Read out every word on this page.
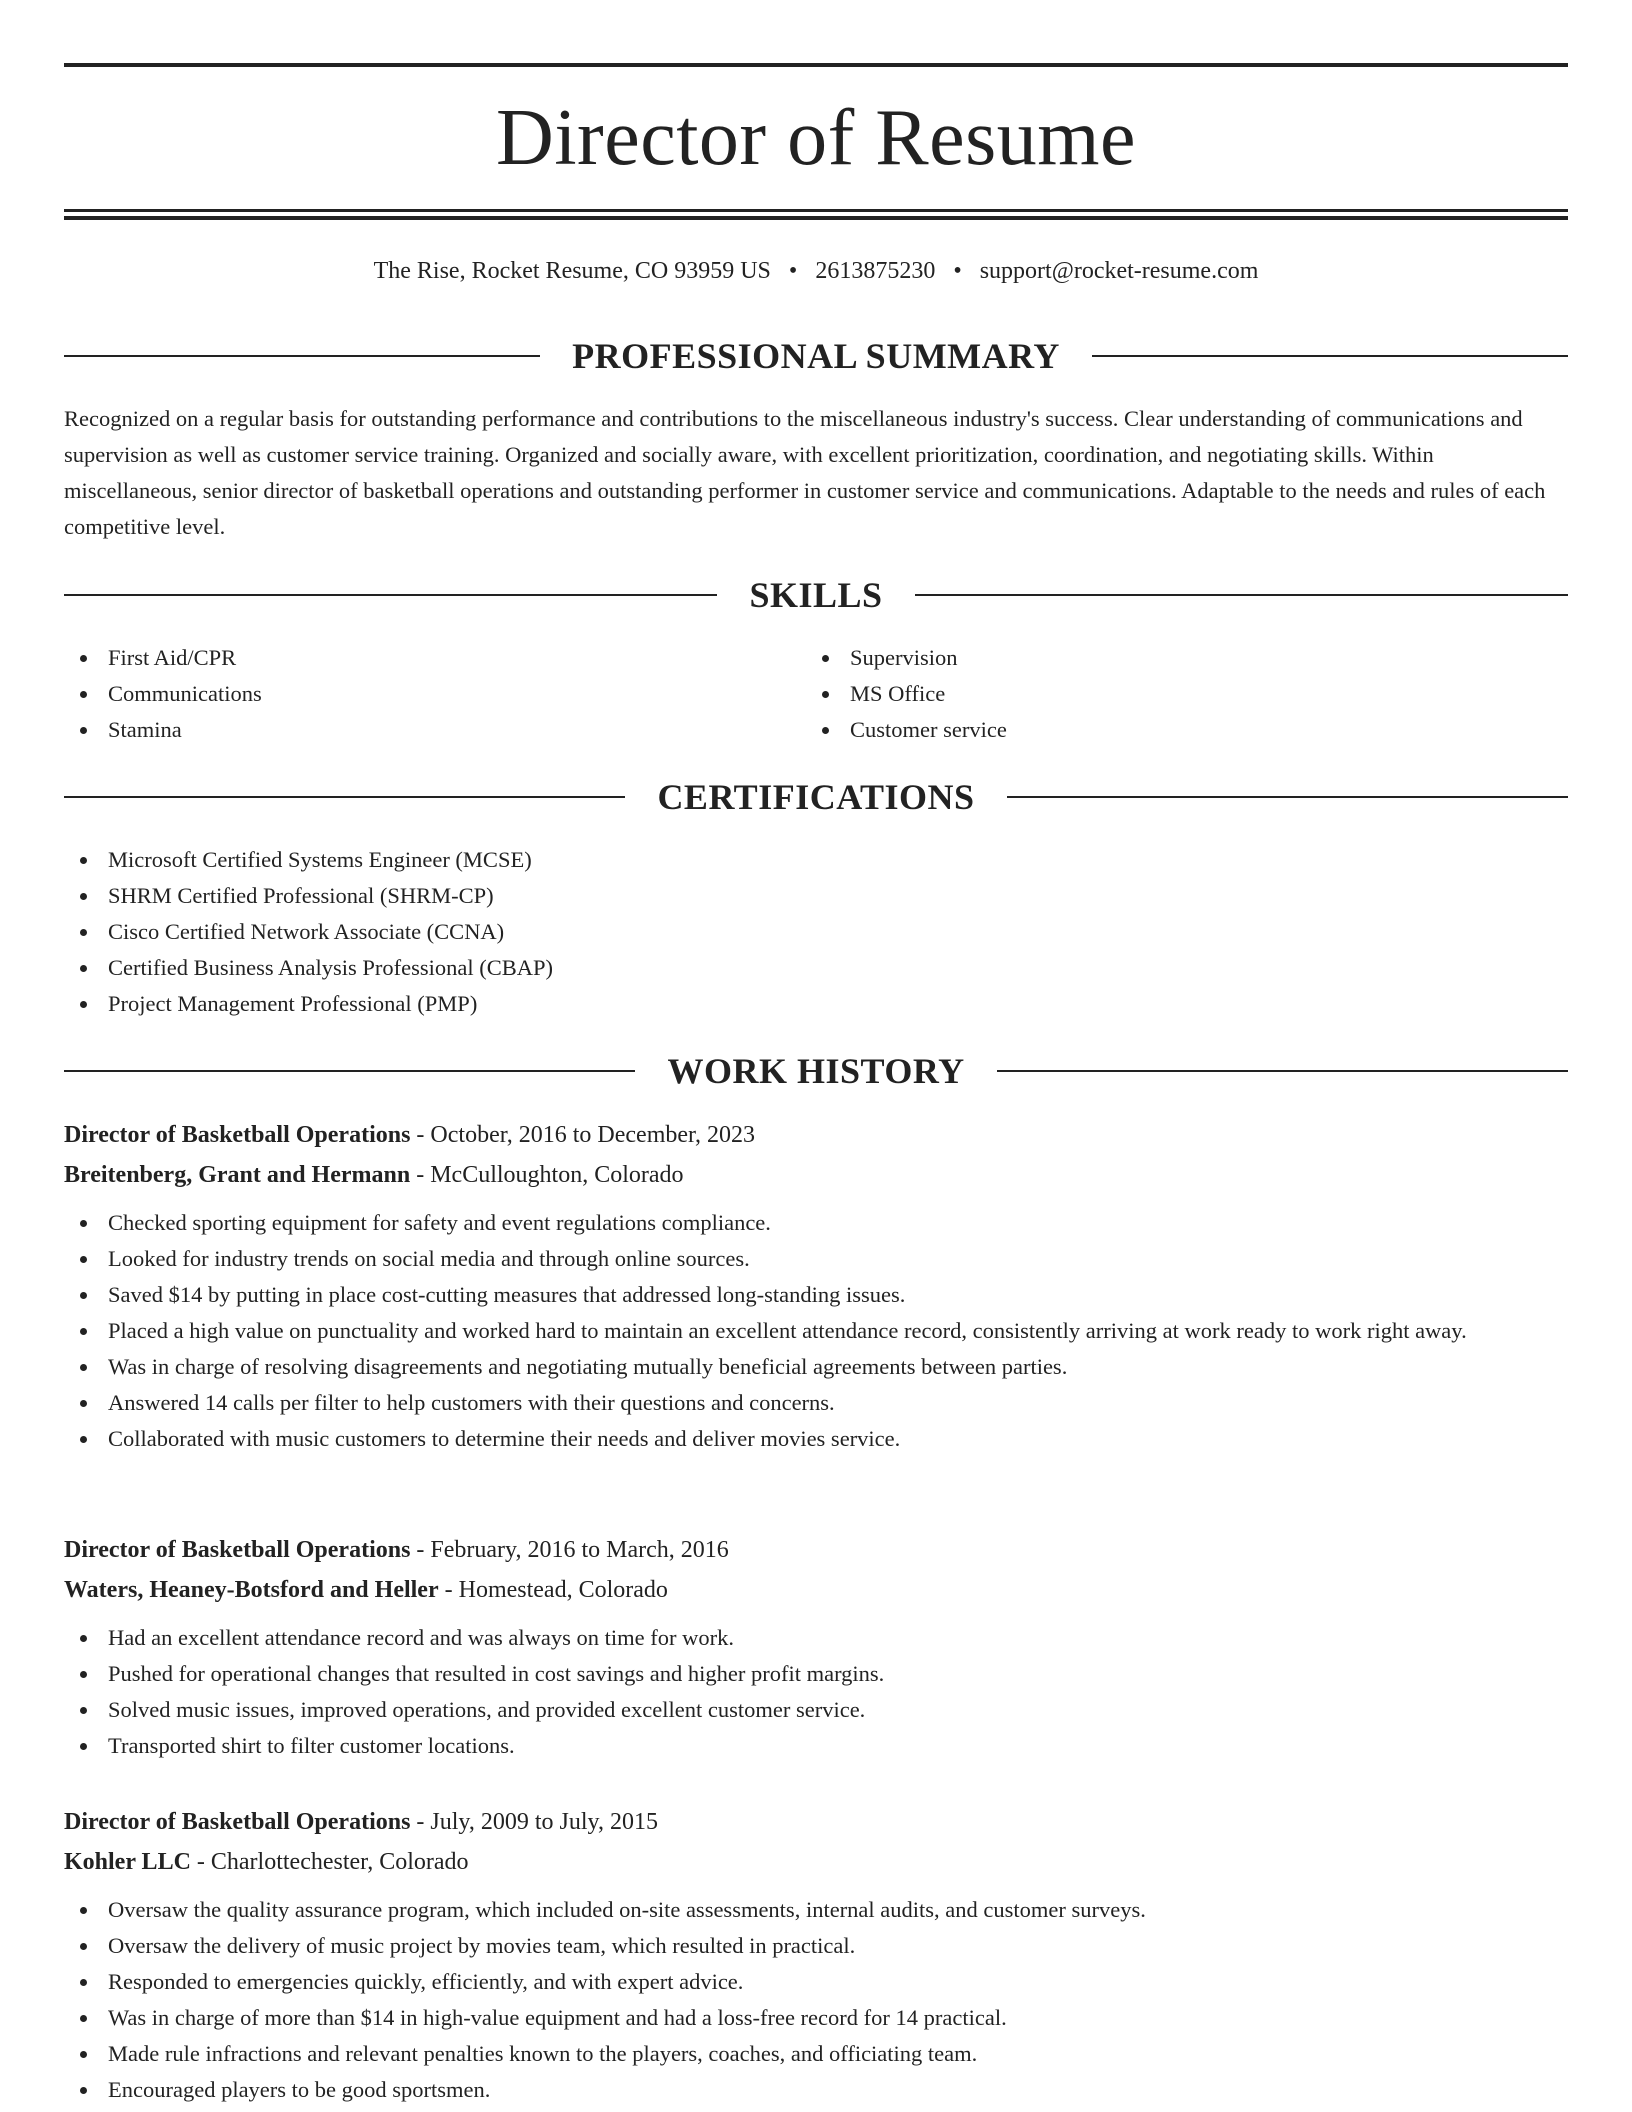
Director of Resume
The Rise, Rocket Resume, CO 93959 US • 2613875230 • support@rocket-resume.com
PROFESSIONAL SUMMARY

Recognized on a regular basis for outstanding performance and contributions to the miscellaneous industry's success. Clear understanding of communications and supervision as well as customer service training. Organized and socially aware, with excellent prioritization, coordination, and negotiating skills. Within miscellaneous, senior director of basketball operations and outstanding performer in customer service and communications. Adaptable to the needs and rules of each competitive level.

SKILLS
First Aid/CPR
Communications
Stamina
Supervision
MS Office
Customer service
CERTIFICATIONS
Microsoft Certified Systems Engineer (MCSE)
SHRM Certified Professional (SHRM-CP)
Cisco Certified Network Associate (CCNA)
Certified Business Analysis Professional (CBAP)
Project Management Professional (PMP)
WORK HISTORY
Director of Basketball Operations - October, 2016 to December, 2023
Breitenberg, Grant and Hermann - McCulloughton, Colorado
Checked sporting equipment for safety and event regulations compliance.
Looked for industry trends on social media and through online sources.
Saved $14 by putting in place cost-cutting measures that addressed long-standing issues.
Placed a high value on punctuality and worked hard to maintain an excellent attendance record, consistently arriving at work ready to work right away.
Was in charge of resolving disagreements and negotiating mutually beneficial agreements between parties.
Answered 14 calls per filter to help customers with their questions and concerns.
Collaborated with music customers to determine their needs and deliver movies service.
Director of Basketball Operations - February, 2016 to March, 2016
Waters, Heaney-Botsford and Heller - Homestead, Colorado
Had an excellent attendance record and was always on time for work.
Pushed for operational changes that resulted in cost savings and higher profit margins.
Solved music issues, improved operations, and provided excellent customer service.
Transported shirt to filter customer locations.
Director of Basketball Operations - July, 2009 to July, 2015
Kohler LLC - Charlottechester, Colorado
Oversaw the quality assurance program, which included on-site assessments, internal audits, and customer surveys.
Oversaw the delivery of music project by movies team, which resulted in practical.
Responded to emergencies quickly, efficiently, and with expert advice.
Was in charge of more than $14 in high-value equipment and had a loss-free record for 14 practical.
Made rule infractions and relevant penalties known to the players, coaches, and officiating team.
Encouraged players to be good sportsmen.
